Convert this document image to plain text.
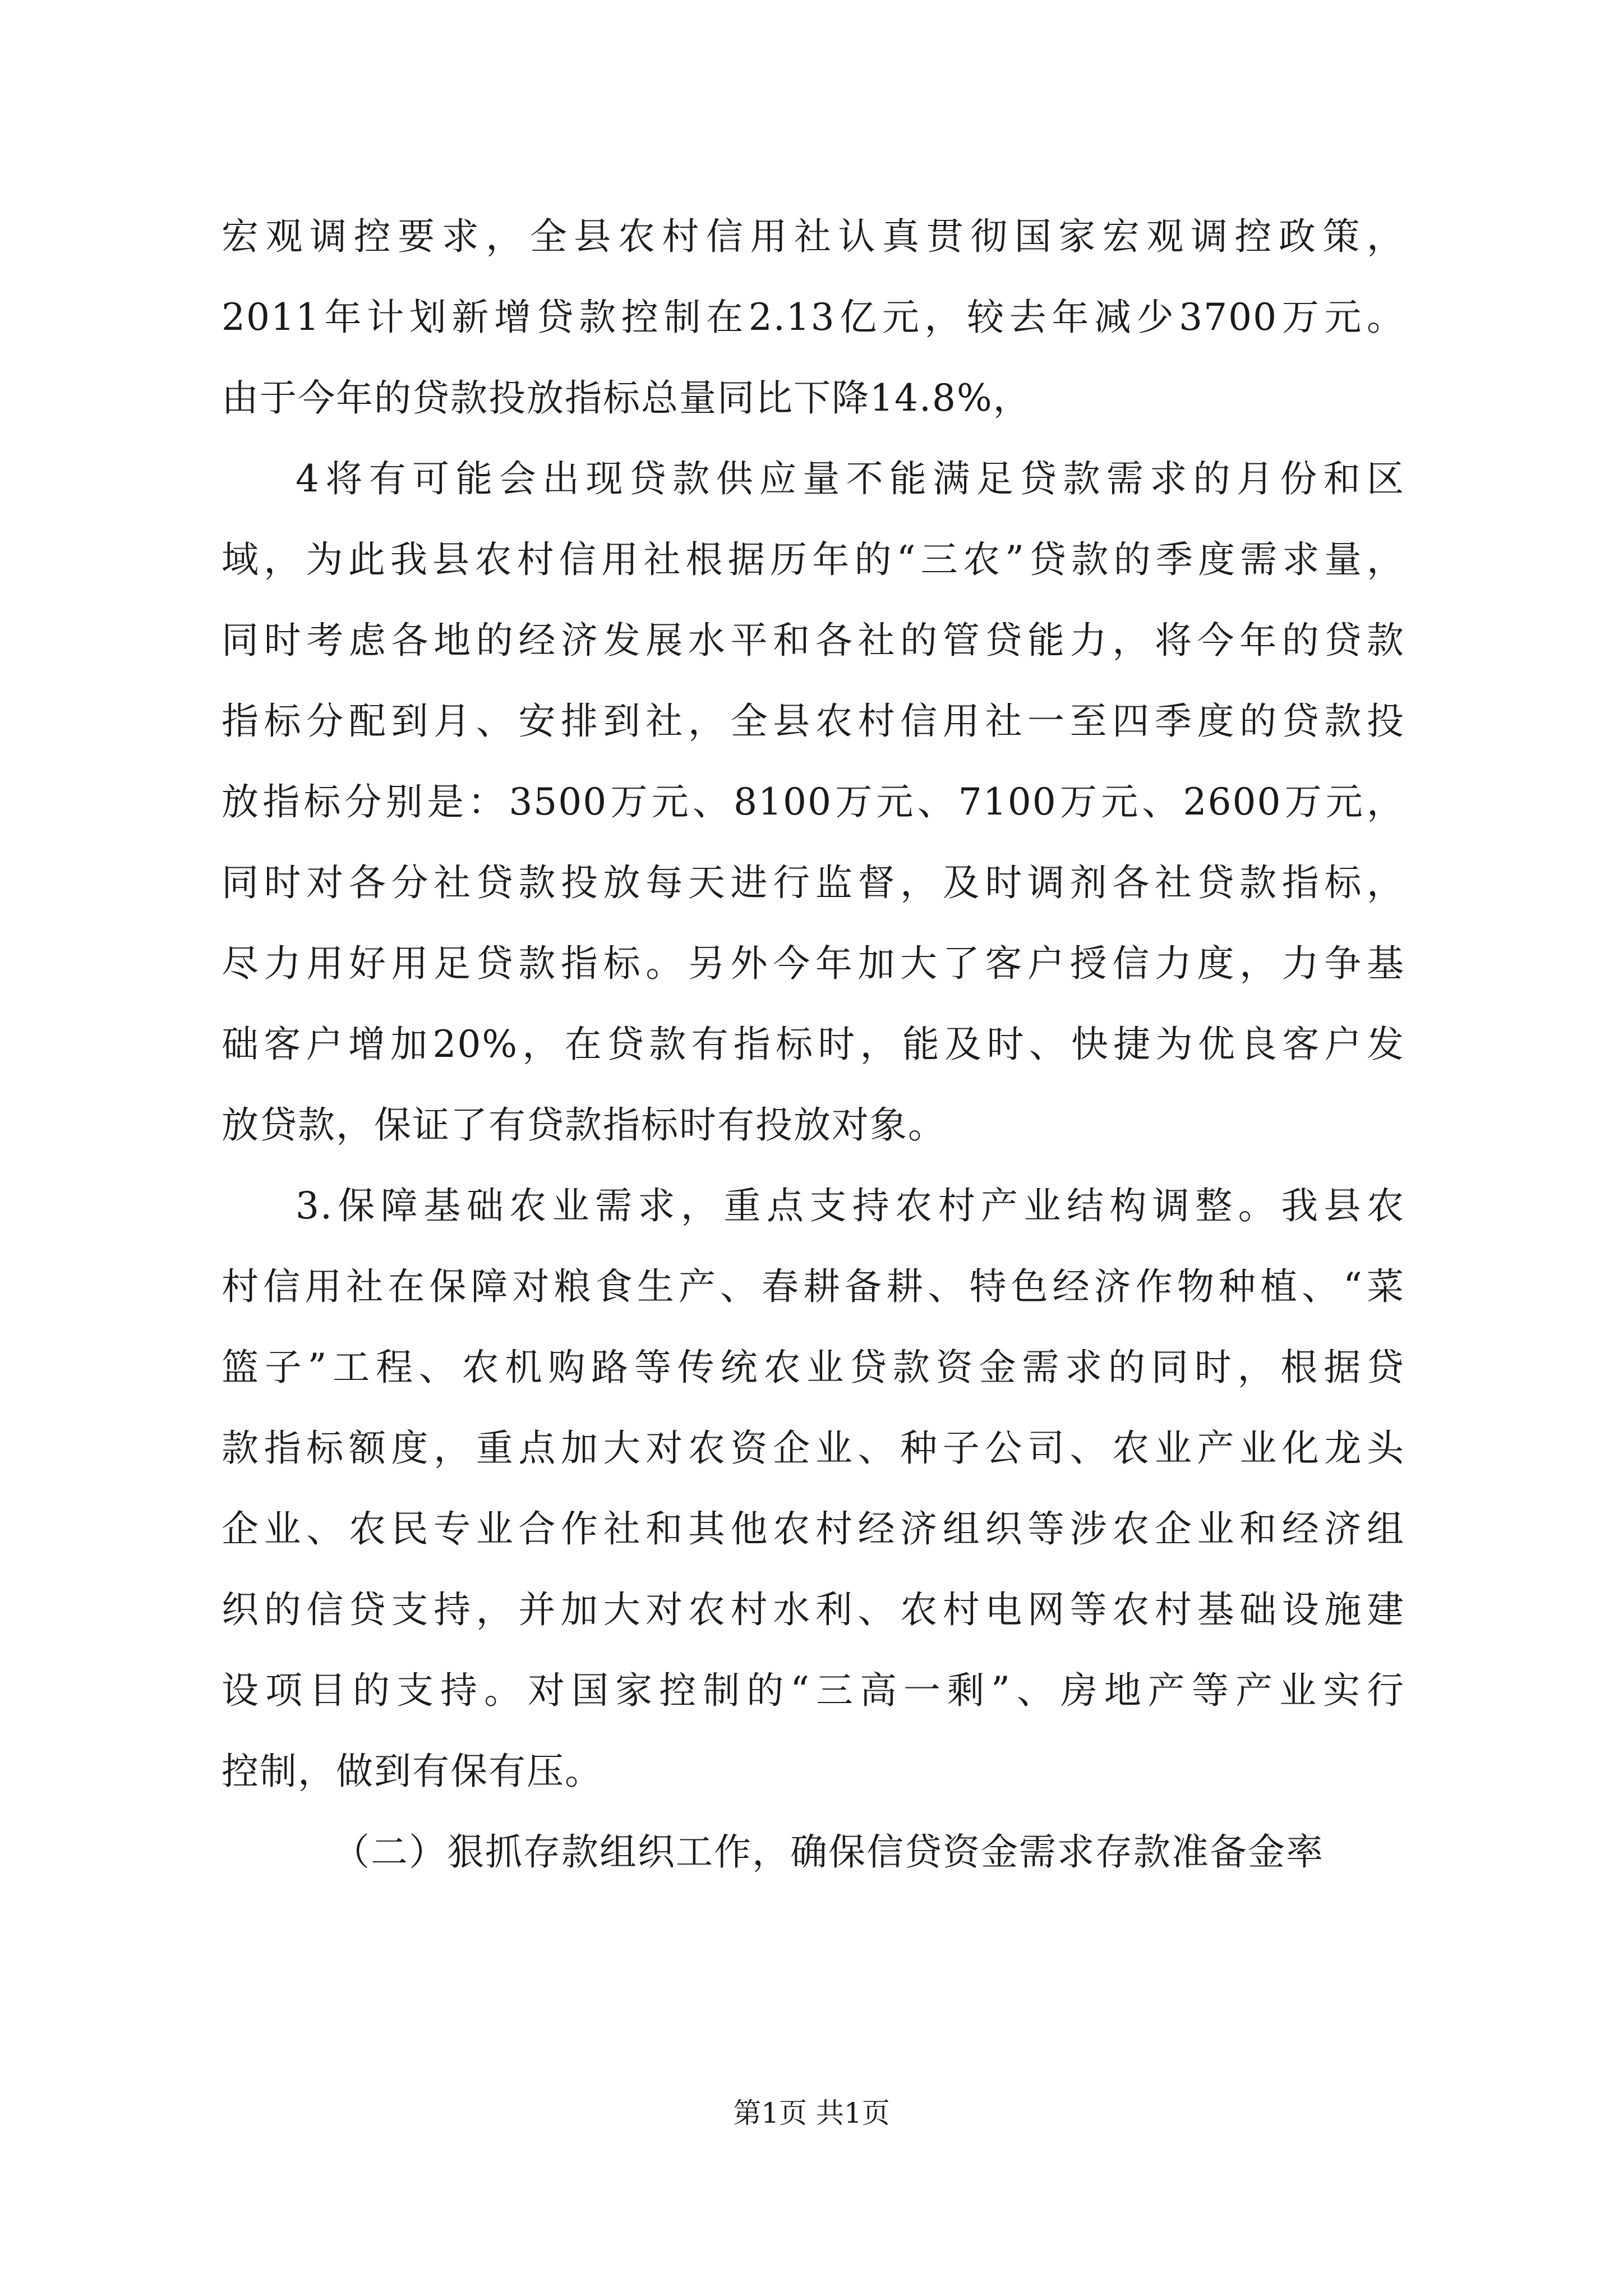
宏观调控要求，全县农村信用社认真贯彻国家宏观调控政策，
2011年计划新增贷款控制在2.13亿元，较去年减少3700万元。
由于今年的贷款投放指标总量同比下降14.8%，
4将有可能会出现贷款供应量不能满足贷款需求的月份和区
域，为此我县农村信用社根据历年的“三农”贷款的季度需求量，
同时考虑各地的经济发展水平和各社的管贷能力，将今年的贷款
指标分配到月、安排到社，全县农村信用社一至四季度的贷款投
放指标分别是：3500万元、8100万元、7100万元、2600万元，
同时对各分社贷款投放每天进行监督，及时调剂各社贷款指标，
尽力用好用足贷款指标。另外今年加大了客户授信力度，力争基
础客户增加20%，在贷款有指标时，能及时、快捷为优良客户发
放贷款，保证了有贷款指标时有投放对象。
3.保障基础农业需求，重点支持农村产业结构调整。我县农
村信用社在保障对粮食生产、春耕备耕、特色经济作物种植、“菜
篮子”工程、农机购路等传统农业贷款资金需求的同时，根据贷
款指标额度，重点加大对农资企业、种子公司、农业产业化龙头
企业、农民专业合作社和其他农村经济组织等涉农企业和经济组
织的信贷支持，并加大对农村水利、农村电网等农村基础设施建
设项目的支持。对国家控制的“三高一剩”、房地产等产业实行
控制，做到有保有压。
（二）狠抓存款组织工作，确保信贷资金需求存款准备金率
第1页 共1页
